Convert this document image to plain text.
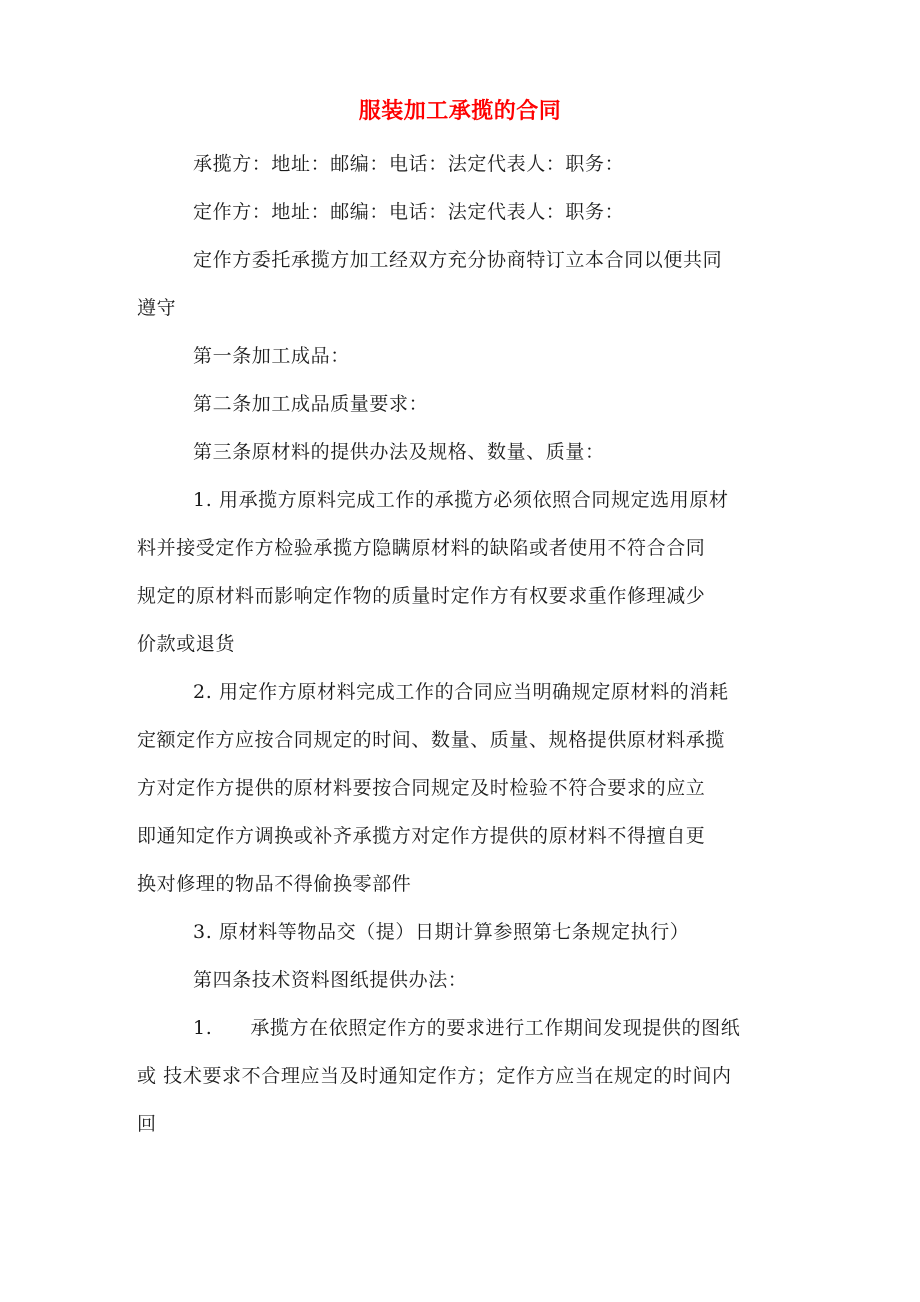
服装加工承揽的合同
承揽方：地址：邮编：电话：法定代表人：职务：
定作方：地址：邮编：电话：法定代表人：职务：
定作方委托承揽方加工经双方充分协商特订立本合同以便共同
遵守
第一条加工成品：
第二条加工成品质量要求：
第三条原材料的提供办法及规格、数量、质量：
1. 用承揽方原料完成工作的承揽方必须依照合同规定选用原材
料并接受定作方检验承揽方隐瞒原材料的缺陷或者使用不符合合同
规定的原材料而影响定作物的质量时定作方有权要求重作修理减少
价款或退货
2. 用定作方原材料完成工作的合同应当明确规定原材料的消耗
定额定作方应按合同规定的时间、数量、质量、规格提供原材料承揽
方对定作方提供的原材料要按合同规定及时检验不符合要求的应立
即通知定作方调换或补齐承揽方对定作方提供的原材料不得擅自更
换对修理的物品不得偷换零部件
3. 原材料等物品交（提）日期计算参照第七条规定执行）
第四条技术资料图纸提供办法：
1. 承揽方在依照定作方的要求进行工作期间发现提供的图纸
或 技术要求不合理应当及时通知定作方；定作方应当在规定的时间内
回
